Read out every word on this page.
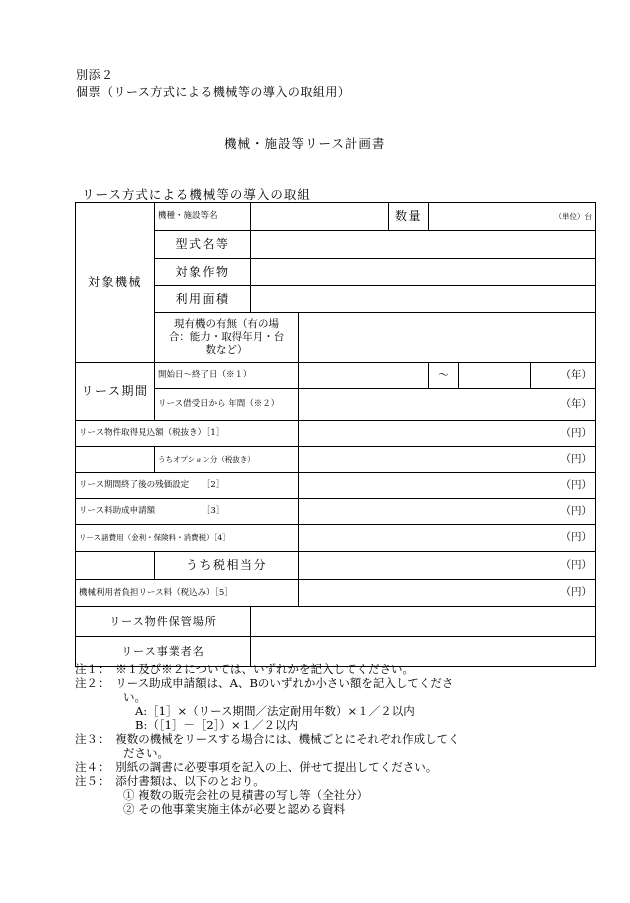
別添２
個票（リース方式による機械等の導入の取組用）
機械・施設等リース計画書
リース方式による機械等の導入の取組
対象機械	機種・施設等名			数量	（単位）台		
	型式名等						
	対象作物						
	利用面積						
	現有機の有無（有の場合：能力・取得年月・台数など）						

リース期間	開始日～終了日（※１）				～		（年）
	リース借受日から 年間（※２）		（年）				
リース物件取得見込額（税抜き）［1］			（円）				
	うちオプション分（税抜き）		（円）				
リース期間終了後の残価設定　　［2］			（円）				
リース料助成申請額　　　　　　［3］			（円）				
リース諸費用（金利・保険料・消費税）［4］			（円）				
	うち税相当分		（円）				
機械利用者負担リース料（税込み）［5］			（円）				
リース物件保管場所							
リース事業者名							
注１：　※１及び※２については、いずれかを記入してください。
注２：　リース助成申請額は、A、Bのいずれか小さい額を記入してくださ
い。
A:［1］×（リース期間／法定耐用年数）×１／２以内
B:（［1］－［2］）×１／２以内
注３：　複数の機械をリースする場合には、機械ごとにそれぞれ作成してく
ださい。
注４：　別紙の調書に必要事項を記入の上、併せて提出してください。
注５：　添付書類は、以下のとおり。
① 複数の販売会社の見積書の写し等（全社分）
② その他事業実施主体が必要と認める資料
